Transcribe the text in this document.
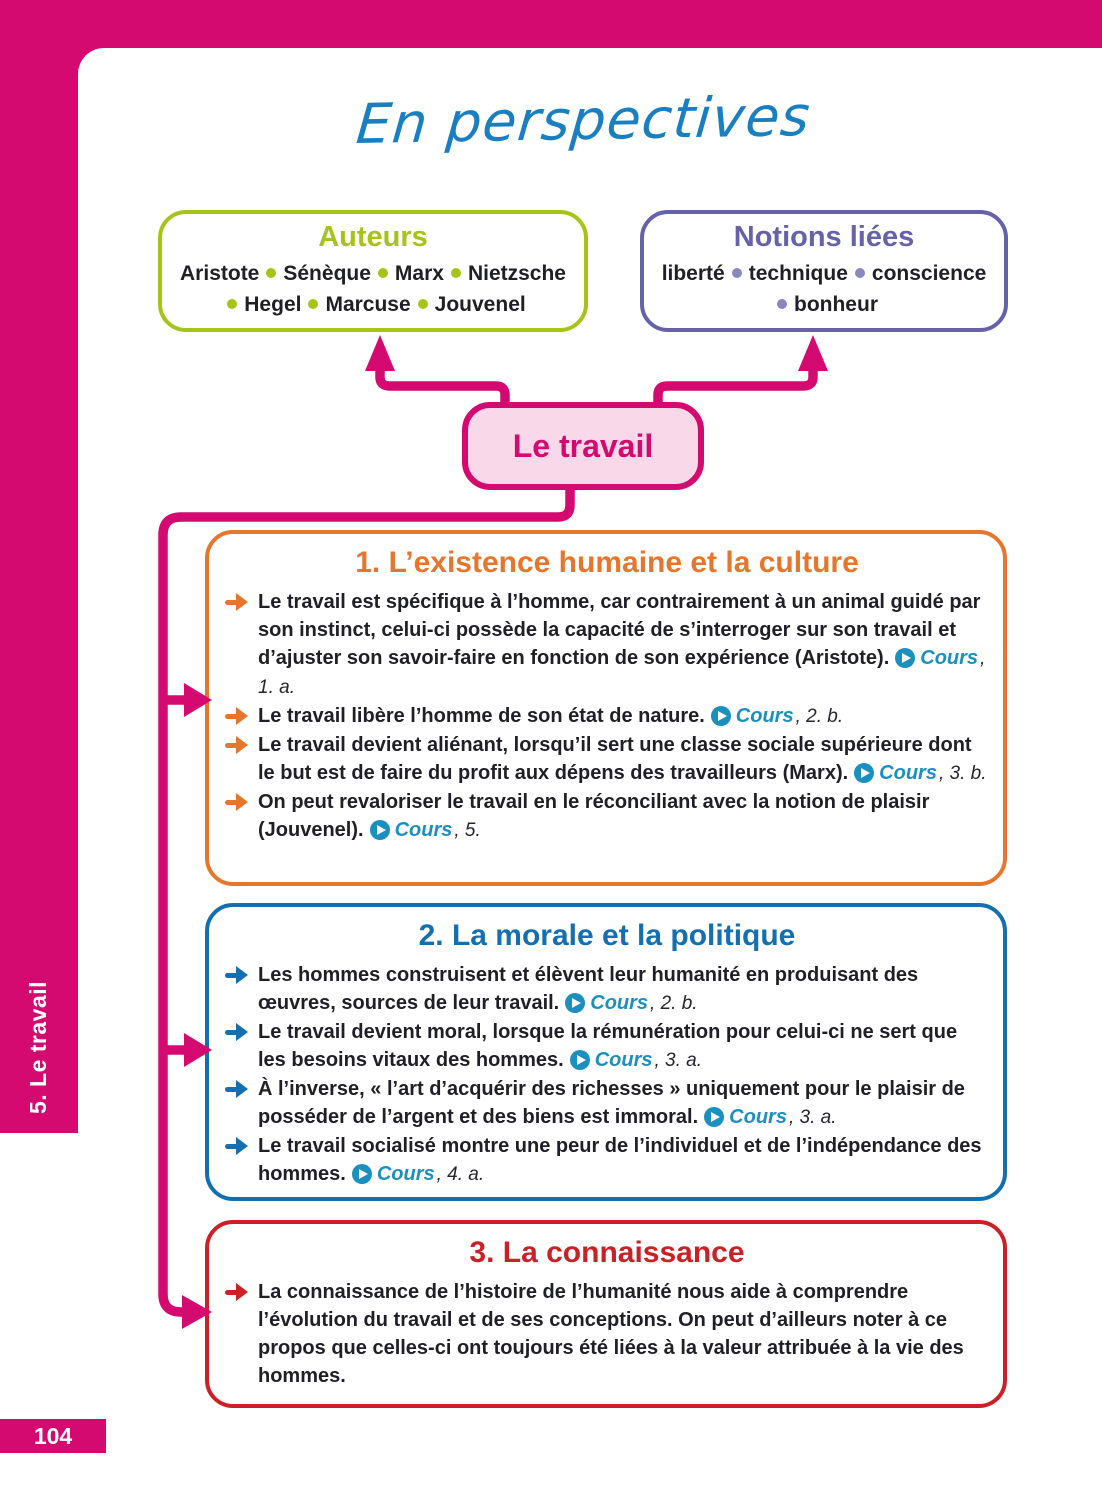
5. Le travail
104
En perspectives
Auteurs
Aristote Sénèque Marx Nietzsche
Hegel Marcuse Jouvenel
Notions liées
liberté technique conscience
bonheur
Le travail
1. L’existence humaine et la culture

Le travail est spécifique à l’homme, car contrairement à un animal guidé par son instinct, celui-ci possède la capacité de s’interroger sur son travail et d’ajuster son savoir-faire en fonction de son expérience (Aristote). Cours , 1. a.

Le travail libère l’homme de son état de nature. Cours , 2. b.

Le travail devient aliénant, lorsqu’il sert une classe sociale supérieure dont le but est de faire du profit aux dépens des travailleurs (Marx). Cours , 3. b.

On peut revaloriser le travail en le réconciliant avec la notion de plaisir (Jouvenel). Cours , 5.

2. La morale et la politique

Les hommes construisent et élèvent leur humanité en produisant des œuvres, sources de leur travail. Cours , 2. b.

Le travail devient moral, lorsque la rémunération pour celui-ci ne sert que les besoins vitaux des hommes. Cours , 3. a.

À l’inverse, « l’art d’acquérir des richesses » uniquement pour le plaisir de posséder de l’argent et des biens est immoral. Cours , 3. a.

Le travail socialisé montre une peur de l’individuel et de l’indépendance des hommes. Cours , 4. a.

3. La connaissance

La connaissance de l’histoire de l’humanité nous aide à comprendre l’évolution du travail et de ses conceptions. On peut d’ailleurs noter à ce propos que celles-ci ont toujours été liées à la valeur attribuée à la vie des hommes.
